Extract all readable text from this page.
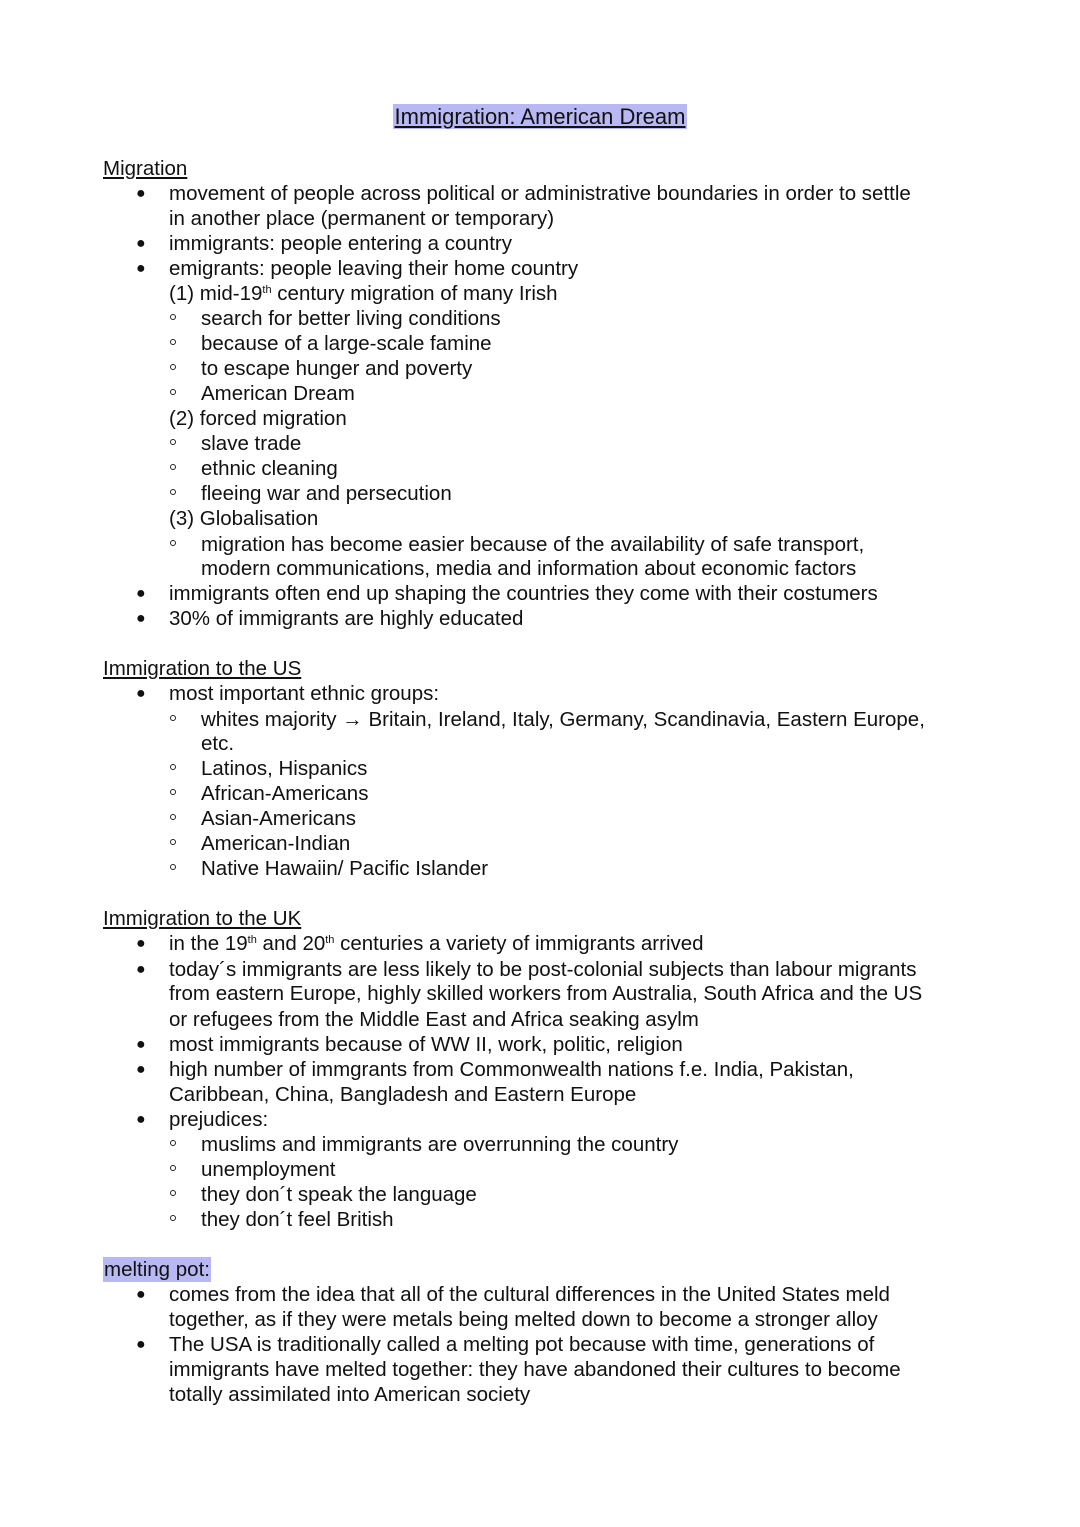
Immigration: American Dream
Migration
● movement of people across political or administrative boundaries in order to settle
in another place (permanent or temporary)
● immigrants: people entering a country
● emigrants: people leaving their home country
(1) mid-19th century migration of many Irish
search for better living conditions
because of a large-scale famine
to escape hunger and poverty
American Dream
(2) forced migration
slave trade
ethnic cleaning
fleeing war and persecution
(3) Globalisation
migration has become easier because of the availability of safe transport,
modern communications, media and information about economic factors
● immigrants often end up shaping the countries they come with their costumers
● 30% of immigrants are highly educated
Immigration to the US
● most important ethnic groups:
whites majority → Britain, Ireland, Italy, Germany, Scandinavia, Eastern Europe,
etc.
Latinos, Hispanics
African-Americans
Asian-Americans
American-Indian
Native Hawaiin/ Pacific Islander
Immigration to the UK
● in the 19th and 20th centuries a variety of immigrants arrived
● today´s immigrants are less likely to be post-colonial subjects than labour migrants
from eastern Europe, highly skilled workers from Australia, South Africa and the US
or refugees from the Middle East and Africa seaking asylm
● most immigrants because of WW II, work, politic, religion
● high number of immgrants from Commonwealth nations f.e. India, Pakistan,
Caribbean, China, Bangladesh and Eastern Europe
● prejudices:
muslims and immigrants are overrunning the country
unemployment
they don´t speak the language
they don´t feel British
melting pot:
● comes from the idea that all of the cultural differences in the United States meld
together, as if they were metals being melted down to become a stronger alloy
● The USA is traditionally called a melting pot because with time, generations of
immigrants have melted together: they have abandoned their cultures to become
totally assimilated into American society
